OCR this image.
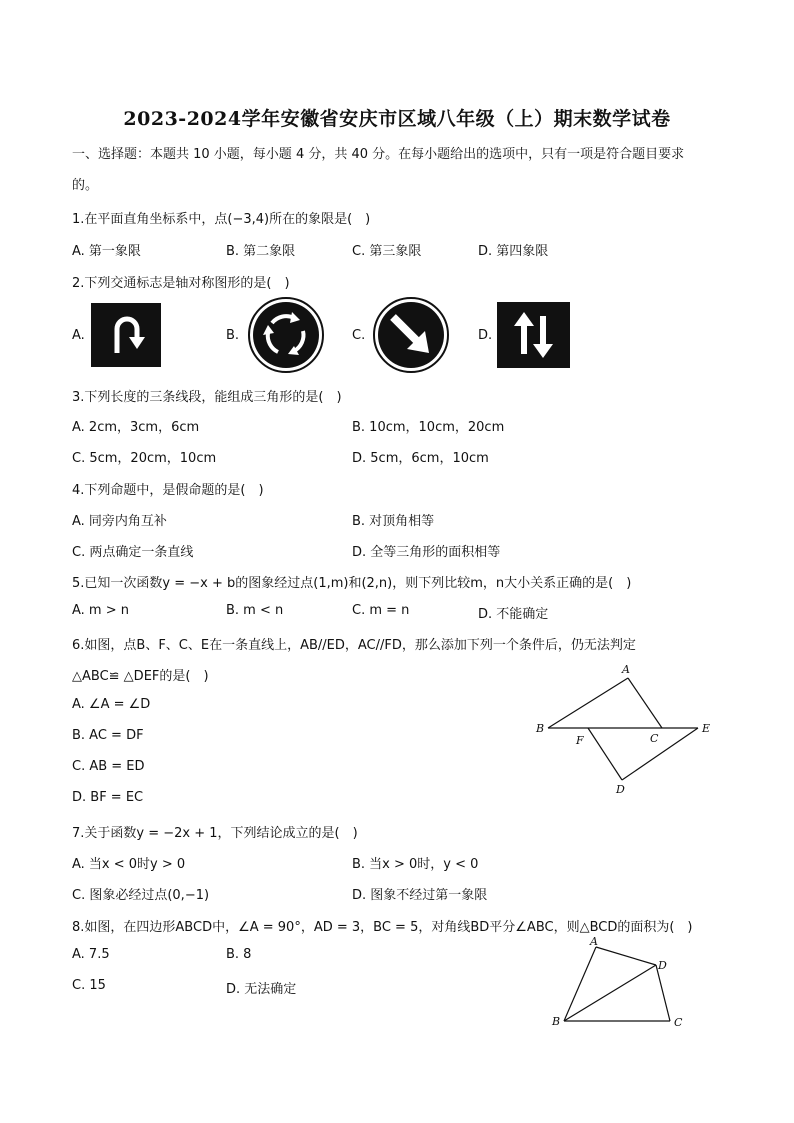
2023-2024学年安徽省安庆市区域八年级（上）期末数学试卷
一、选择题：本题共 10 小题，每小题 4 分，共 40 分。在每小题给出的选项中，只有一项是符合题目要求
的。
1.在平面直角坐标系中，点(−3,4)所在的象限是(　)
A. 第一象限	B. 第二象限	C. 第三象限	D. 第四象限
2.下列交通标志是轴对称图形的是(　)
A.	B.	C.	D.
3.下列长度的三条线段，能组成三角形的是(　)
A. 2cm，3cm，6cm	B. 10cm，10cm，20cm
C. 5cm，20cm，10cm	D. 5cm，6cm，10cm
4.下列命题中，是假命题的是(　)
A. 同旁内角互补	B. 对顶角相等
C. 两点确定一条直线	D. 全等三角形的面积相等
5.已知一次函数y = −x + b的图象经过点(1,m)和(2,n)，则下列比较m，n大小关系正确的是(　)
A. m > n	B. m < n	C. m = n	D. 不能确定
6.如图，点B、F、C、E在一条直线上，AB//ED，AC//FD，那么添加下列一个条件后，仍无法判定
△ABC≌ △DEF的是(　)
A. ∠A = ∠D
B. AC = DF
C. AB = ED
D. BF = EC
A
B
F	C
E
D
7.关于函数y = −2x + 1，下列结论成立的是(　)
A. 当x < 0时y > 0	B. 当x > 0时，y < 0
C. 图象必经过点(0,−1)	D. 图象不经过第一象限
8.如图，在四边形ABCD中，∠A = 90°，AD = 3，BC = 5，对角线BD平分∠ABC，则△BCD的面积为(　)
A. 7.5	B. 8
C. 15	D. 无法确定
A
D
B	C
